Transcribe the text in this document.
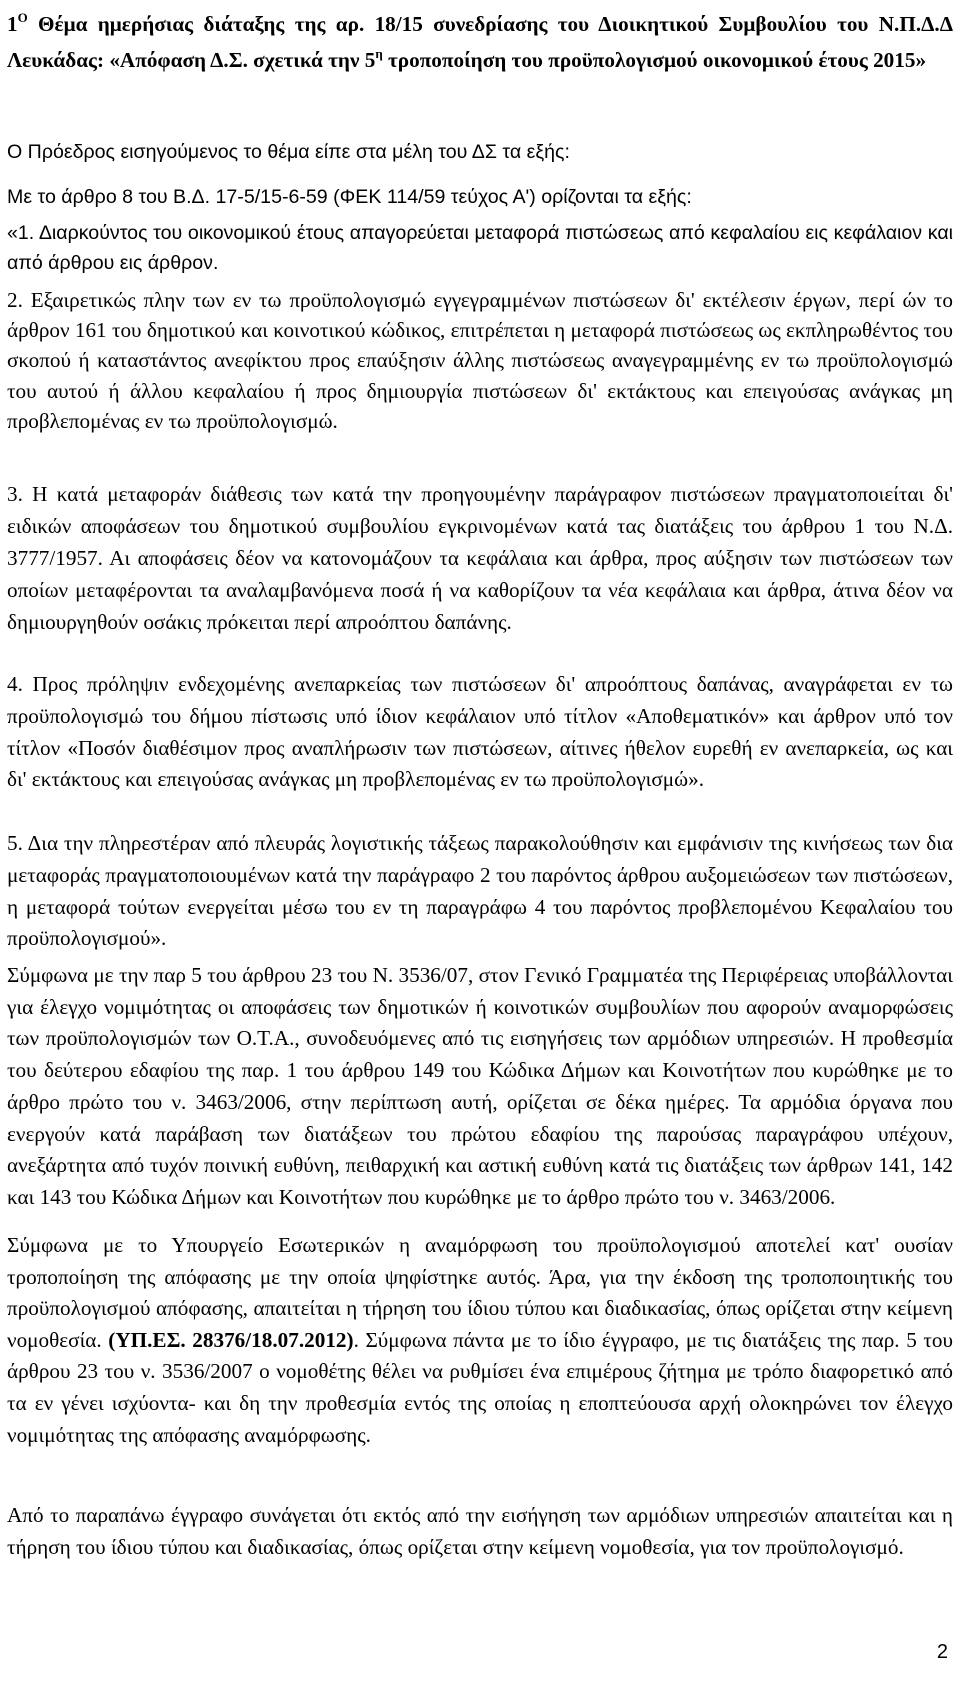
$1^O$ Θέμα ημερήσιας διάταξης της αρ. 18/15 συνεδρίασης του Διοικητικού Συμβουλίου του Ν.Π.Δ.Δ Λευκάδας: «Απόφαση Δ.Σ. σχετικά την $5^\eta$ τροποποίηση του προϋπολογισμού οικονομικού έτους 2015»

Ο Πρόεδρος εισηγούμενος το θέμα είπε στα μέλη του ΔΣ τα εξής:

Με το άρθρο 8 του Β.Δ. 17-5/15-6-59 (ΦΕΚ 114/59 τεύχος Α') ορίζονται τα εξής:

«1. Διαρκούντος του οικονομικού έτους απαγορεύεται μεταφορά πιστώσεως από κεφαλαίου εις κεφάλαιον και από άρθρου εις άρθρον.

2. Εξαιρετικώς πλην των εν τω προϋπολογισμώ εγγεγραμμένων πιστώσεων δι' εκτέλεσιν έργων, περί ών το άρθρον 161 του δημοτικού και κοινοτικού κώδικος, επιτρέπεται η μεταφορά πιστώσεως ως εκπληρωθέντος του σκοπού ή καταστάντος ανεφίκτου προς επαύξησιν άλλης πιστώσεως αναγεγραμμένης εν τω προϋπολογισμώ του αυτού ή άλλου κεφαλαίου ή προς δημιουργία πιστώσεων δι' εκτάκτους και επειγούσας ανάγκας μη προβλεπομένας εν τω προϋπολογισμώ.

3. Η κατά μεταφοράν διάθεσις των κατά την προηγουμένην παράγραφον πιστώσεων πραγματοποιείται δι' ειδικών αποφάσεων του δημοτικού συμβουλίου εγκρινομένων κατά τας διατάξεις του άρθρου 1 του Ν.Δ. 3777/1957. Αι αποφάσεις δέον να κατονομάζουν τα κεφάλαια και άρθρα, προς αύξησιν των πιστώσεων των οποίων μεταφέρονται τα αναλαμβανόμενα ποσά ή να καθορίζουν τα νέα κεφάλαια και άρθρα, άτινα δέον να δημιουργηθούν οσάκις πρόκειται περί απροόπτου δαπάνης.

4. Προς πρόληψιν ενδεχομένης ανεπαρκείας των πιστώσεων δι' απροόπτους δαπάνας, αναγράφεται εν τω προϋπολογισμώ του δήμου πίστωσις υπό ίδιον κεφάλαιον υπό τίτλον «Αποθεματικόν» και άρθρον υπό τον τίτλον «Ποσόν διαθέσιμον προς αναπλήρωσιν των πιστώσεων, αίτινες ήθελον ευρεθή εν ανεπαρκεία, ως και δι' εκτάκτους και επειγούσας ανάγκας μη προβλεπομένας εν τω προϋπολογισμώ».

5. Δια την πληρεστέραν από πλευράς λογιστικής τάξεως παρακολούθησιν και εμφάνισιν της κινήσεως των δια μεταφοράς πραγματοποιουμένων κατά την παράγραφο 2 του παρόντος άρθρου αυξομειώσεων των πιστώσεων, η μεταφορά τούτων ενεργείται μέσω του εν τη παραγράφω 4 του παρόντος προβλεπομένου Κεφαλαίου του προϋπολογισμού».

Σύμφωνα με την παρ 5 του άρθρου 23 του Ν. 3536/07, στον Γενικό Γραμματέα της Περιφέρειας υποβάλλονται για έλεγχο νομιμότητας οι αποφάσεις των δημοτικών ή κοινοτικών συμβουλίων που αφορούν αναμορφώσεις των προϋπολογισμών των Ο.Τ.Α., συνοδευόμενες από τις εισηγήσεις των αρμόδιων υπηρεσιών. Η προθεσμία του δεύτερου εδαφίου της παρ. 1 του άρθρου 149 του Κώδικα Δήμων και Κοινοτήτων που κυρώθηκε με το άρθρο πρώτο του ν. 3463/2006, στην περίπτωση αυτή, ορίζεται σε δέκα ημέρες. Τα αρμόδια όργανα που ενεργούν κατά παράβαση των διατάξεων του πρώτου εδαφίου της παρούσας παραγράφου υπέχουν, ανεξάρτητα από τυχόν ποινική ευθύνη, πειθαρχική και αστική ευθύνη κατά τις διατάξεις των άρθρων 141, 142 και 143 του Κώδικα Δήμων και Κοινοτήτων που κυρώθηκε με το άρθρο πρώτο του ν. 3463/2006.

Σύμφωνα με το Υπουργείο Εσωτερικών η αναμόρφωση του προϋπολογισμού αποτελεί κατ' ουσίαν τροποποίηση της απόφασης με την οποία ψηφίστηκε αυτός. Άρα, για την έκδοση της τροποποιητικής του προϋπολογισμού απόφασης, απαιτείται η τήρηση του ίδιου τύπου και διαδικασίας, όπως ορίζεται στην κείμενη νομοθεσία. (ΥΠ.ΕΣ. 28376/18.07.2012). Σύμφωνα πάντα με το ίδιο έγγραφο, με τις διατάξεις της παρ. 5 του άρθρου 23 του ν. 3536/2007 ο νομοθέτης θέλει να ρυθμίσει ένα επιμέρους ζήτημα με τρόπο διαφορετικό από τα εν γένει ισχύοντα- και δη την προθεσμία εντός της οποίας η εποπτεύουσα αρχή ολοκηρώνει τον έλεγχο νομιμότητας της απόφασης αναμόρφωσης.

Από το παραπάνω έγγραφο συνάγεται ότι εκτός από την εισήγηση των αρμόδιων υπηρεσιών απαιτείται και η τήρηση του ίδιου τύπου και διαδικασίας, όπως ορίζεται στην κείμενη νομοθεσία, για τον προϋπολογισμό.

2
